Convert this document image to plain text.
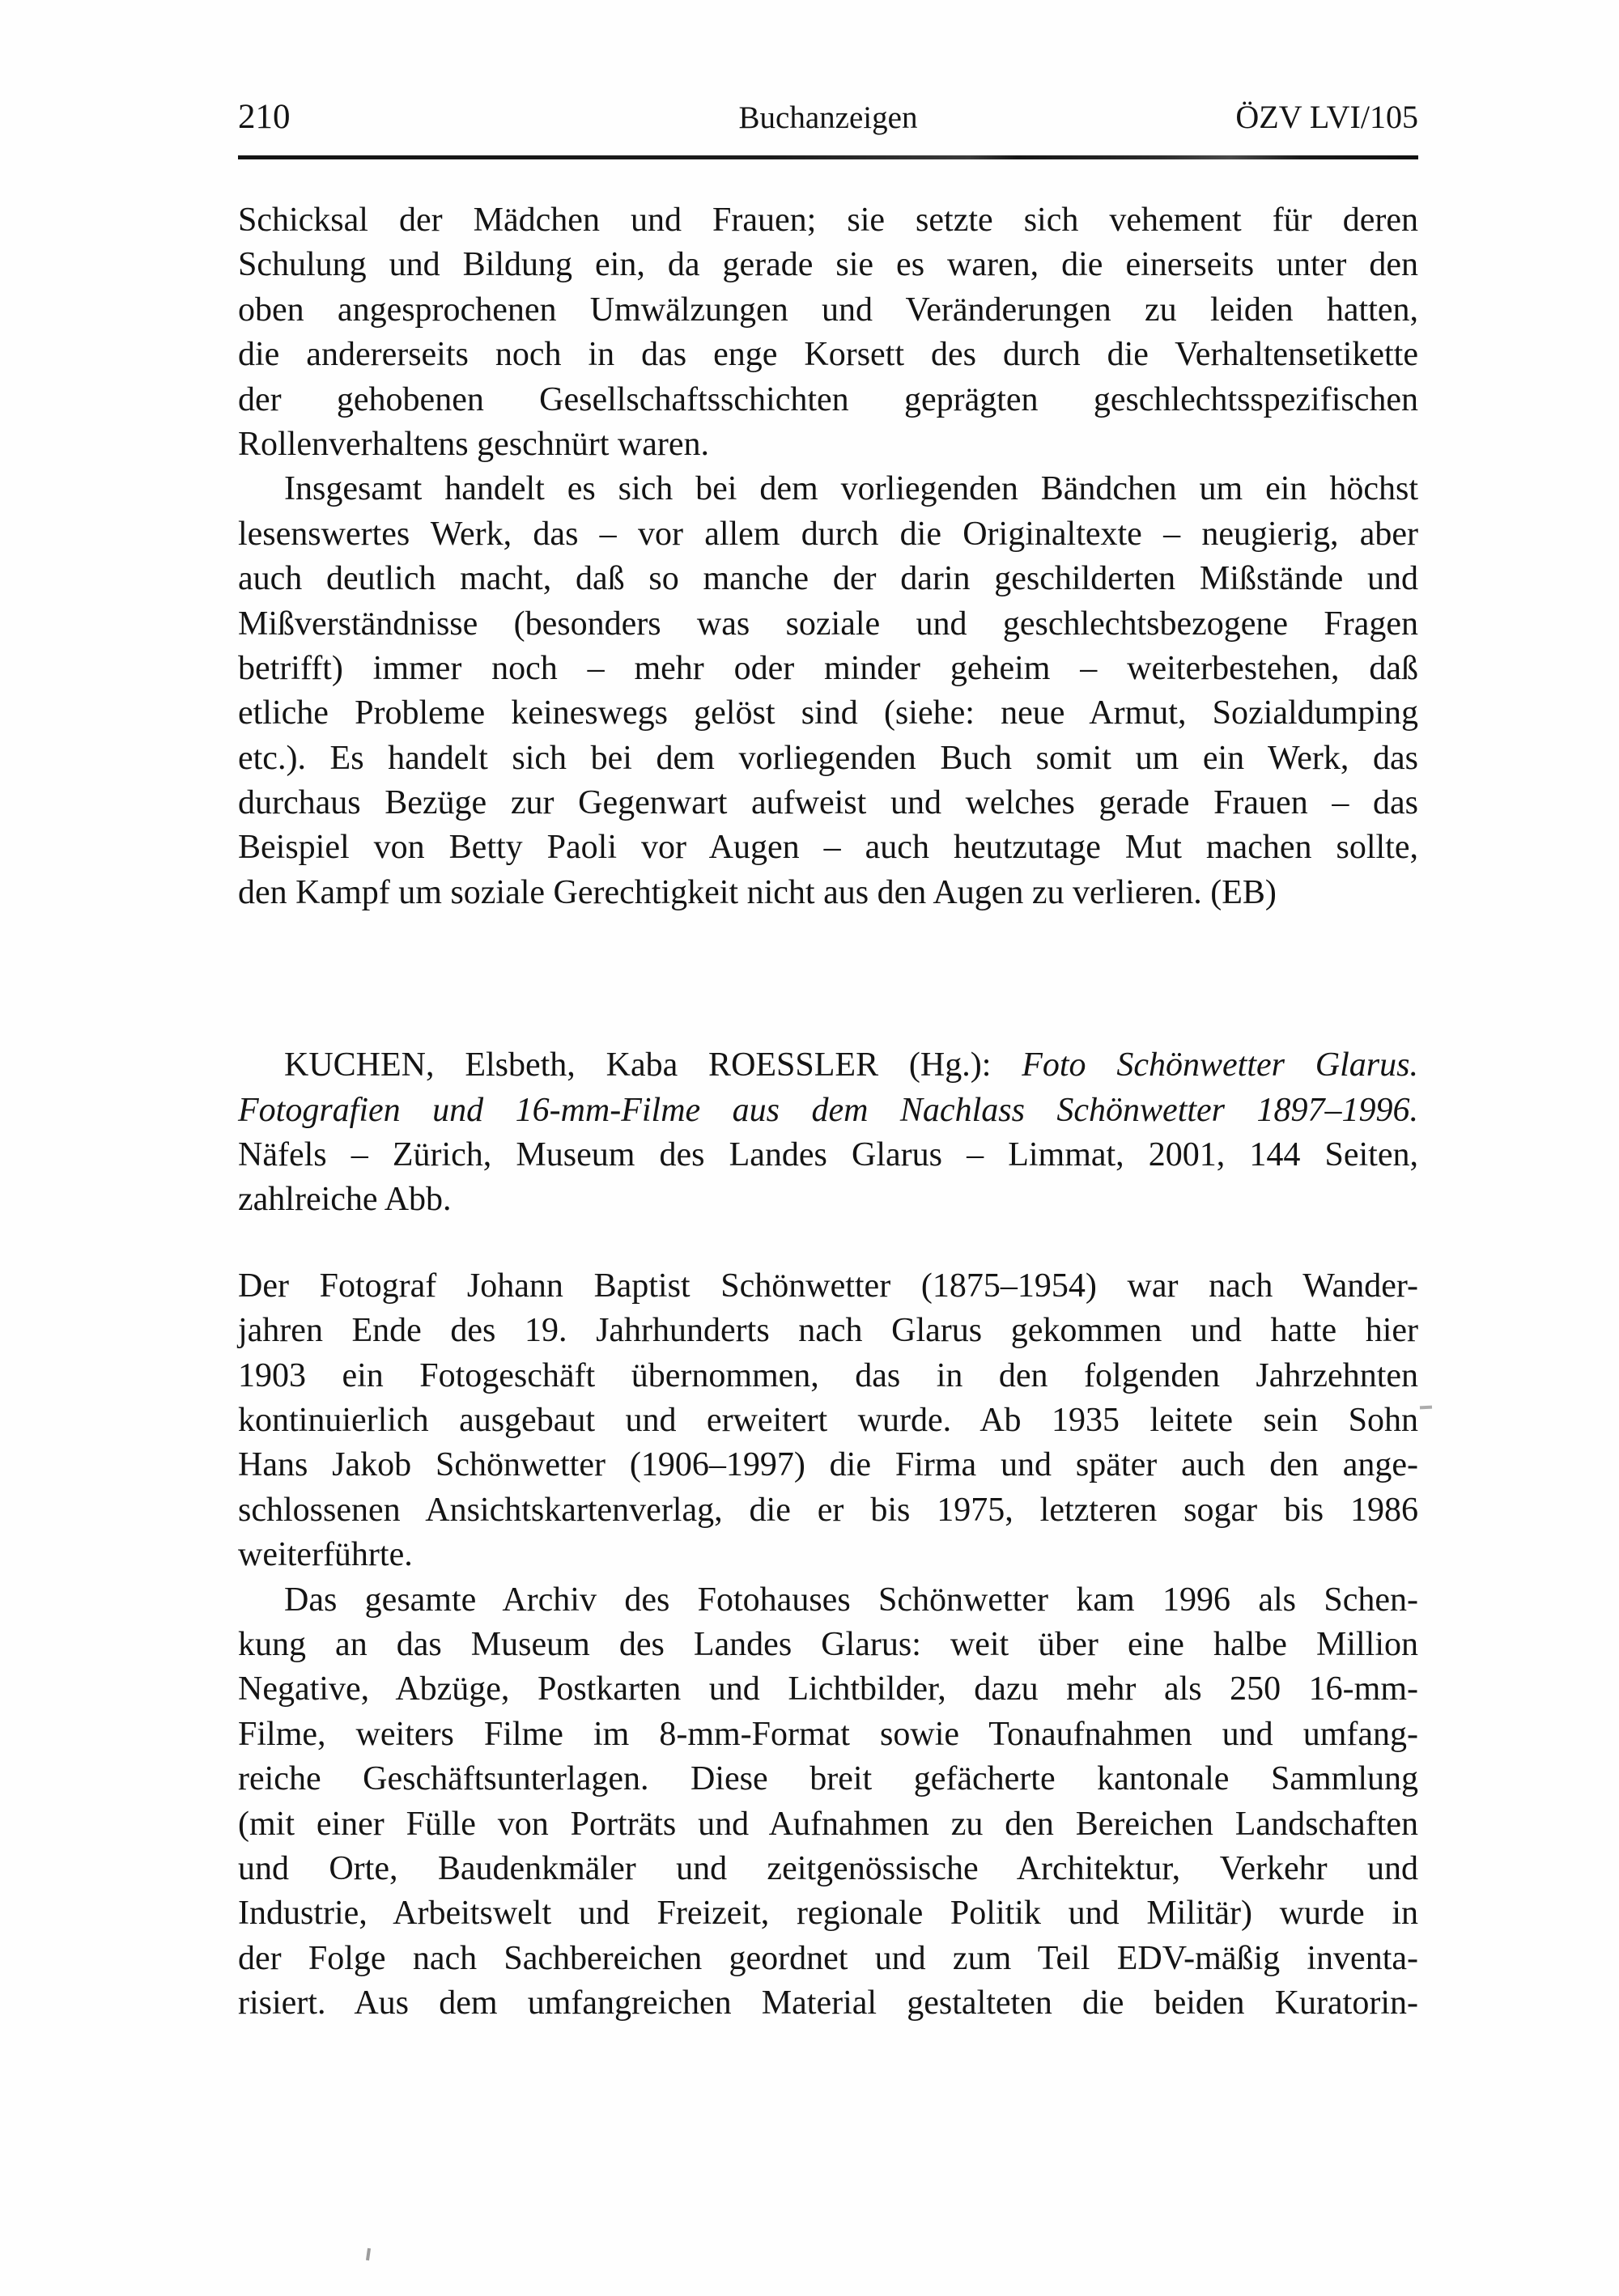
210	Buchanzeigen	ÖZV LVI/105
Schicksal der Mädchen und Frauen; sie setzte sich vehement für deren
Schulung und Bildung ein, da gerade sie es waren, die einerseits unter den
oben angesprochenen Umwälzungen und Veränderungen zu leiden hatten,
die andererseits noch in das enge Korsett des durch die Verhaltensetikette
der gehobenen Gesellschaftsschichten geprägten geschlechtsspezifischen
Rollenverhaltens geschnürt waren.
Insgesamt handelt es sich bei dem vorliegenden Bändchen um ein höchst
lesenswertes Werk, das – vor allem durch die Originaltexte – neugierig, aber
auch deutlich macht, daß so manche der darin geschilderten Mißstände und
Mißverständnisse (besonders was soziale und geschlechtsbezogene Fragen
betrifft) immer noch – mehr oder minder geheim – weiterbestehen, daß
etliche Probleme keineswegs gelöst sind (siehe: neue Armut, Sozialdumping
etc.). Es handelt sich bei dem vorliegenden Buch somit um ein Werk, das
durchaus Bezüge zur Gegenwart aufweist und welches gerade Frauen – das
Beispiel von Betty Paoli vor Augen – auch heutzutage Mut machen sollte,
den Kampf um soziale Gerechtigkeit nicht aus den Augen zu verlieren. (EB)
KUCHEN, Elsbeth, Kaba ROESSLER (Hg.): Foto Schönwetter Glarus.
Fotografien und 16-mm-Filme aus dem Nachlass Schönwetter 1897–1996.
Näfels – Zürich, Museum des Landes Glarus – Limmat, 2001, 144 Seiten,
zahlreiche Abb.
Der Fotograf Johann Baptist Schönwetter (1875–1954) war nach Wander-
jahren Ende des 19. Jahrhunderts nach Glarus gekommen und hatte hier
1903 ein Fotogeschäft übernommen, das in den folgenden Jahrzehnten
kontinuierlich ausgebaut und erweitert wurde. Ab 1935 leitete sein Sohn
Hans Jakob Schönwetter (1906–1997) die Firma und später auch den ange-
schlossenen Ansichtskartenverlag, die er bis 1975, letzteren sogar bis 1986
weiterführte.
Das gesamte Archiv des Fotohauses Schönwetter kam 1996 als Schen-
kung an das Museum des Landes Glarus: weit über eine halbe Million
Negative, Abzüge, Postkarten und Lichtbilder, dazu mehr als 250 16-mm-
Filme, weiters Filme im 8-mm-Format sowie Tonaufnahmen und umfang-
reiche Geschäftsunterlagen. Diese breit gefächerte kantonale Sammlung
(mit einer Fülle von Porträts und Aufnahmen zu den Bereichen Landschaften
und Orte, Baudenkmäler und zeitgenössische Architektur, Verkehr und
Industrie, Arbeitswelt und Freizeit, regionale Politik und Militär) wurde in
der Folge nach Sachbereichen geordnet und zum Teil EDV-mäßig inventa-
risiert. Aus dem umfangreichen Material gestalteten die beiden Kuratorin-
